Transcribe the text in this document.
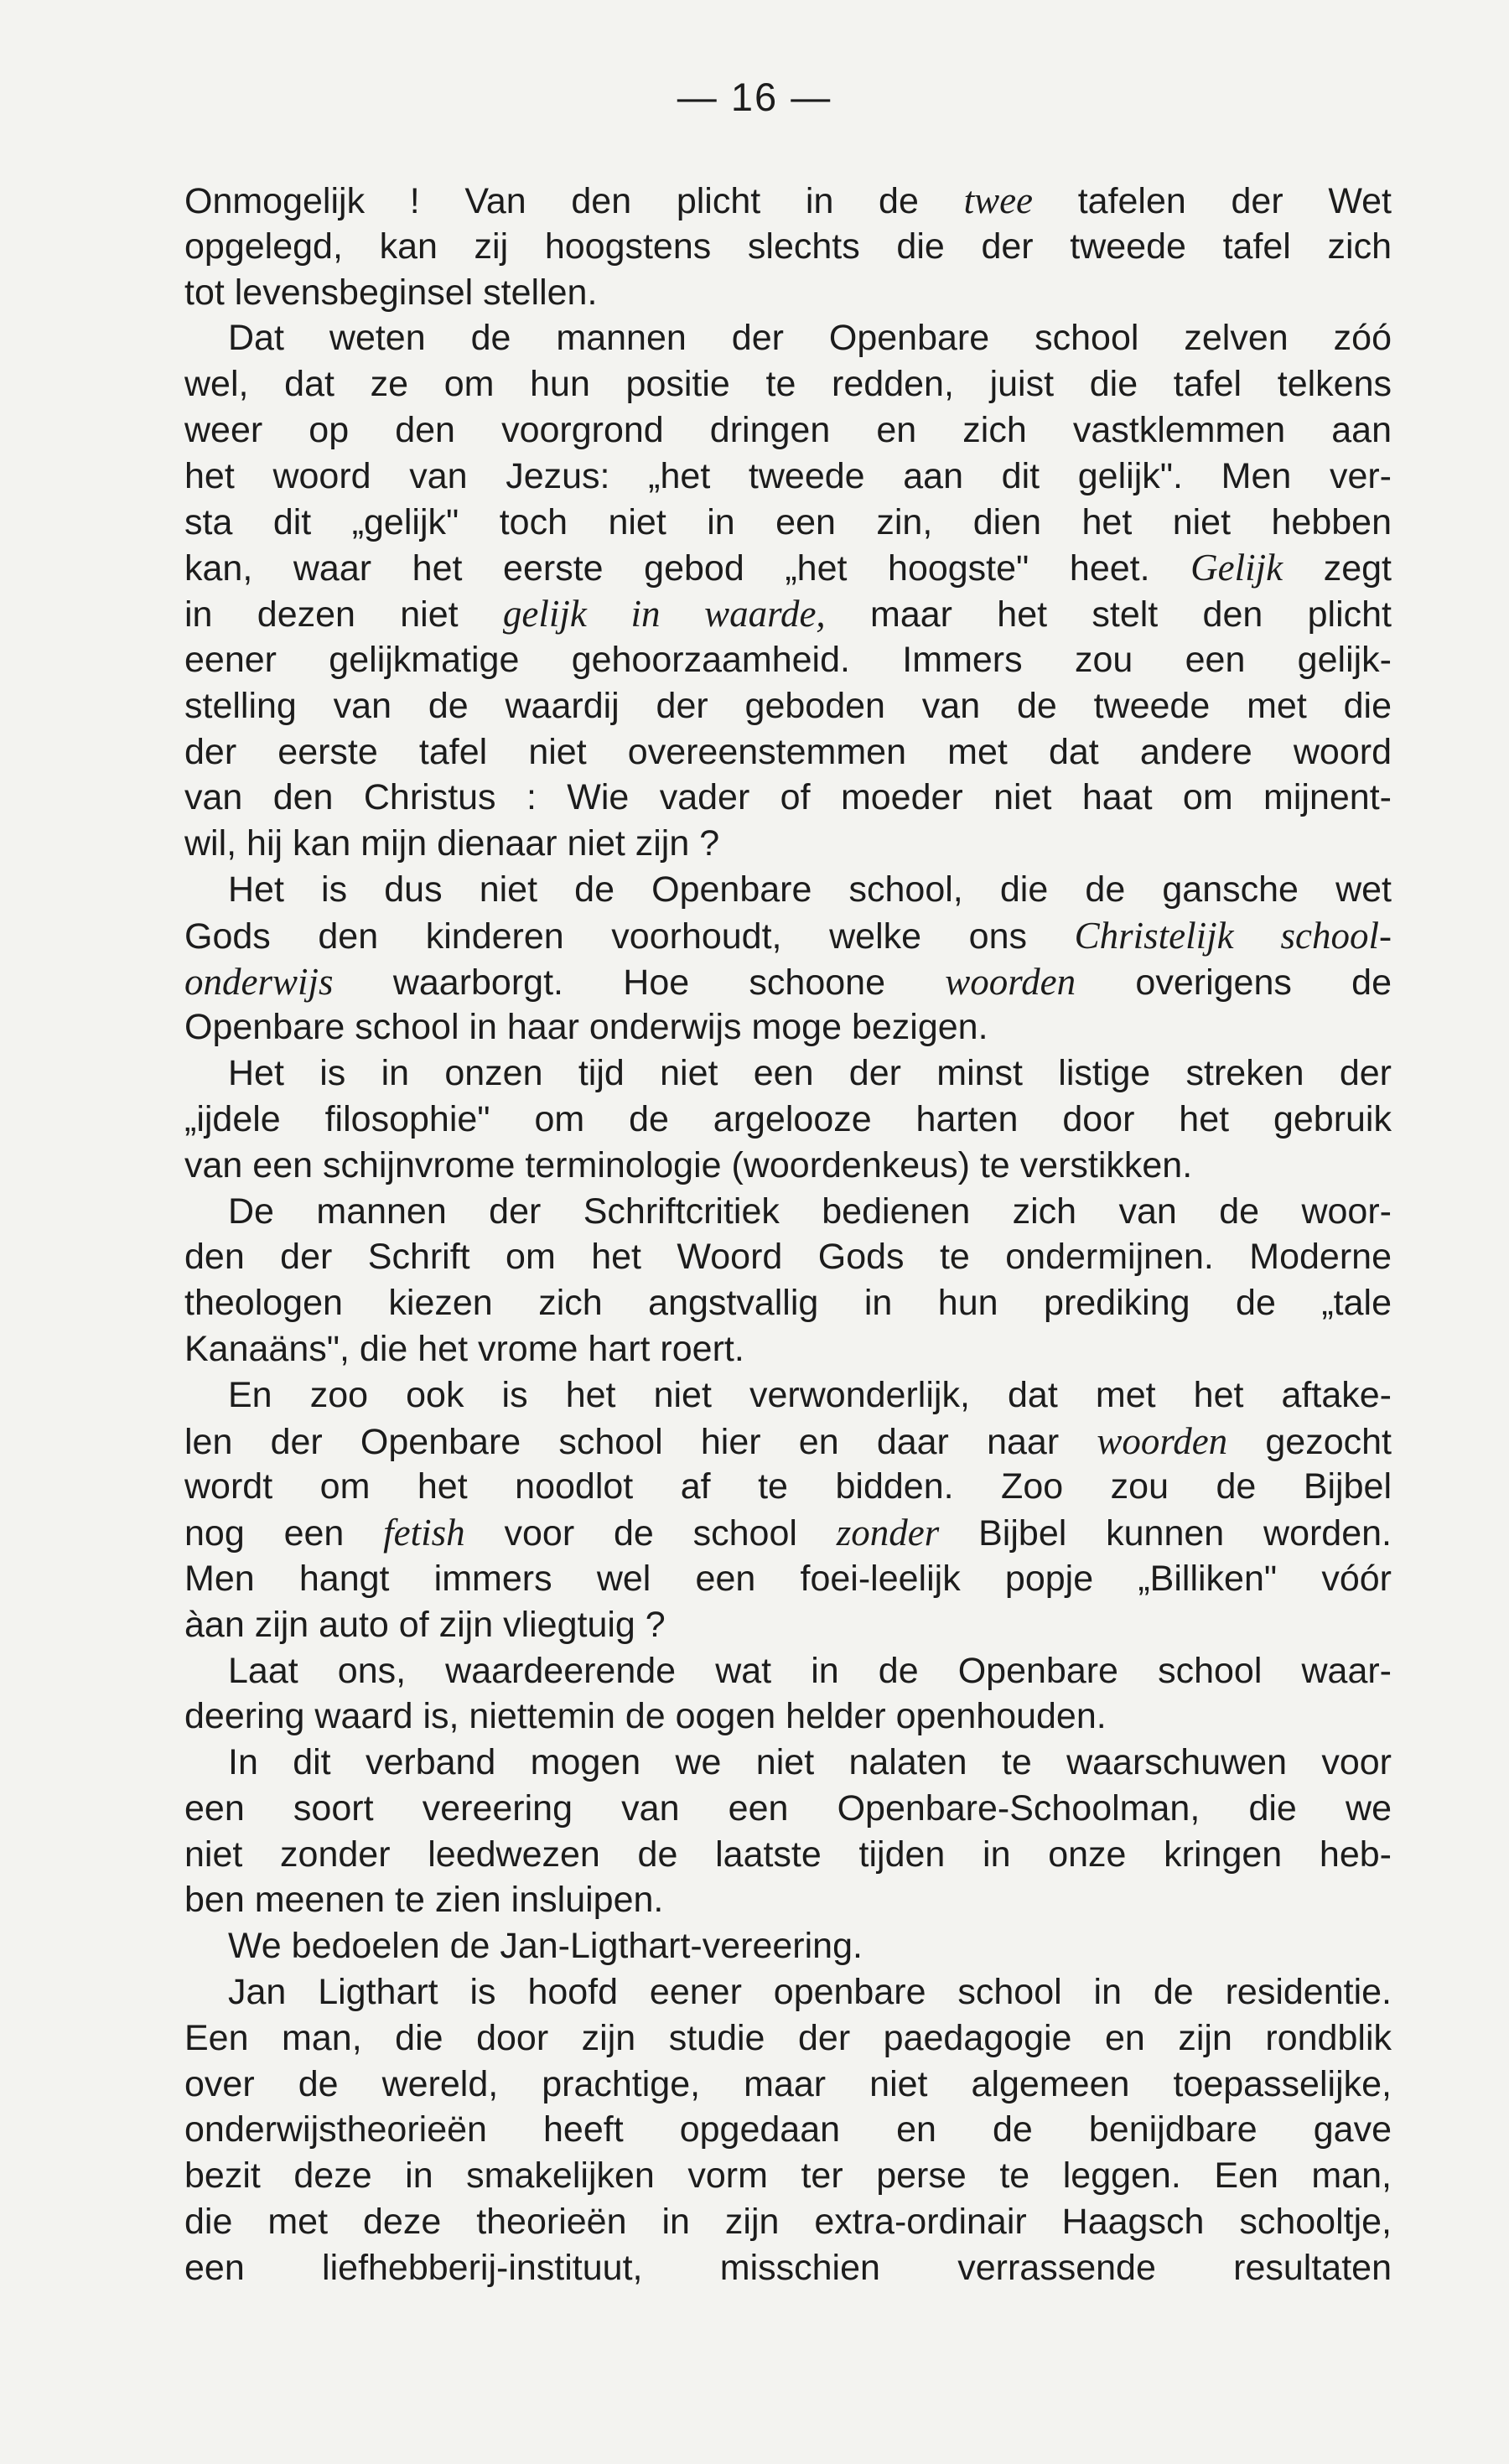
— 16 —
Onmogelijk ! Van den plicht in de twee tafelen der Wet
opgelegd, kan zij hoogstens slechts die der tweede tafel zich
tot levensbeginsel stellen.
Dat weten de mannen der Openbare school zelven zóó
wel, dat ze om hun positie te redden, juist die tafel telkens
weer op den voorgrond dringen en zich vastklemmen aan
het woord van Jezus: „het tweede aan dit gelijk". Men ver-
sta dit „gelijk" toch niet in een zin, dien het niet hebben
kan, waar het eerste gebod „het hoogste" heet. Gelijk zegt
in dezen niet gelijk in waarde, maar het stelt den plicht
eener gelijkmatige gehoorzaamheid. Immers zou een gelijk-
stelling van de waardij der geboden van de tweede met die
der eerste tafel niet overeenstemmen met dat andere woord
van den Christus : Wie vader of moeder niet haat om mijnent-
wil, hij kan mijn dienaar niet zijn ?
Het is dus niet de Openbare school, die de gansche wet
Gods den kinderen voorhoudt, welke ons Christelijk school-
onderwijs waarborgt. Hoe schoone woorden overigens de
Openbare school in haar onderwijs moge bezigen.
Het is in onzen tijd niet een der minst listige streken der
„ijdele filosophie" om de argelooze harten door het gebruik
van een schijnvrome terminologie (woordenkeus) te verstikken.
De mannen der Schriftcritiek bedienen zich van de woor-
den der Schrift om het Woord Gods te ondermijnen. Moderne
theologen kiezen zich angstvallig in hun prediking de „tale
Kanaäns", die het vrome hart roert.
En zoo ook is het niet verwonderlijk, dat met het aftake-
len der Openbare school hier en daar naar woorden gezocht
wordt om het noodlot af te bidden. Zoo zou de Bijbel
nog een fetish voor de school zonder Bijbel kunnen worden.
Men hangt immers wel een foei-leelijk popje „Billiken" vóór
àan zijn auto of zijn vliegtuig ?
Laat ons, waardeerende wat in de Openbare school waar-
deering waard is, niettemin de oogen helder openhouden.
In dit verband mogen we niet nalaten te waarschuwen voor
een soort vereering van een Openbare-Schoolman, die we
niet zonder leedwezen de laatste tijden in onze kringen heb-
ben meenen te zien insluipen.
We bedoelen de Jan-Ligthart-vereering.
Jan Ligthart is hoofd eener openbare school in de residentie.
Een man, die door zijn studie der paedagogie en zijn rondblik
over de wereld, prachtige, maar niet algemeen toepasselijke,
onderwijstheorieën heeft opgedaan en de benijdbare gave
bezit deze in smakelijken vorm ter perse te leggen. Een man,
die met deze theorieën in zijn extra-ordinair Haagsch schooltje,
een liefhebberij-instituut, misschien verrassende resultaten
